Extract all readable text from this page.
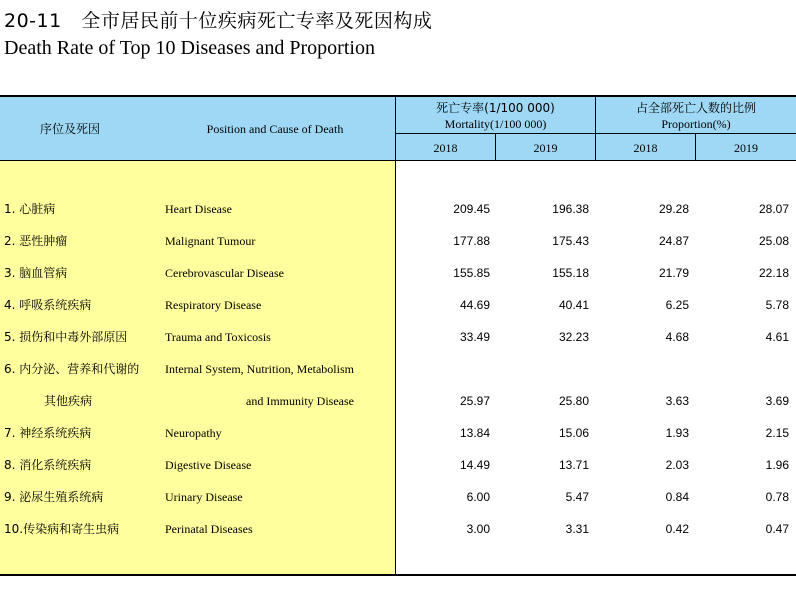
20-11 全市居民前十位疾病死亡专率及死因构成
Death Rate of Top 10 Diseases and Proportion
序位及死因	Position and Cause of Death
死亡专率(1/100 000)
Mortality(1/100 000)
占全部死亡人数的比例
Proportion(%)
2018	2019	2018	2019
1. 心脏病	Heart Disease	209.45	196.38	29.28	28.07
2. 恶性肿瘤	Malignant Tumour	177.88	175.43	24.87	25.08
3. 脑血管病	Cerebrovascular Disease	155.85	155.18	21.79	22.18
4. 呼吸系统疾病	Respiratory Disease	44.69	40.41	6.25	5.78
5. 损伤和中毒外部原因	Trauma and Toxicosis	33.49	32.23	4.68	4.61
6. 内分泌、营养和代谢的 Internal System, Nutrition, Metabolism
其他疾病	and Immunity Disease	25.97	25.80	3.63	3.69
7. 神经系统疾病	Neuropathy	13.84	15.06	1.93	2.15
8. 消化系统疾病	Digestive Disease	14.49	13.71	2.03	1.96
9. 泌尿生殖系统病	Urinary Disease	6.00	5.47	0.84	0.78
10.传染病和寄生虫病	Perinatal Diseases	3.00	3.31	0.42	0.47
